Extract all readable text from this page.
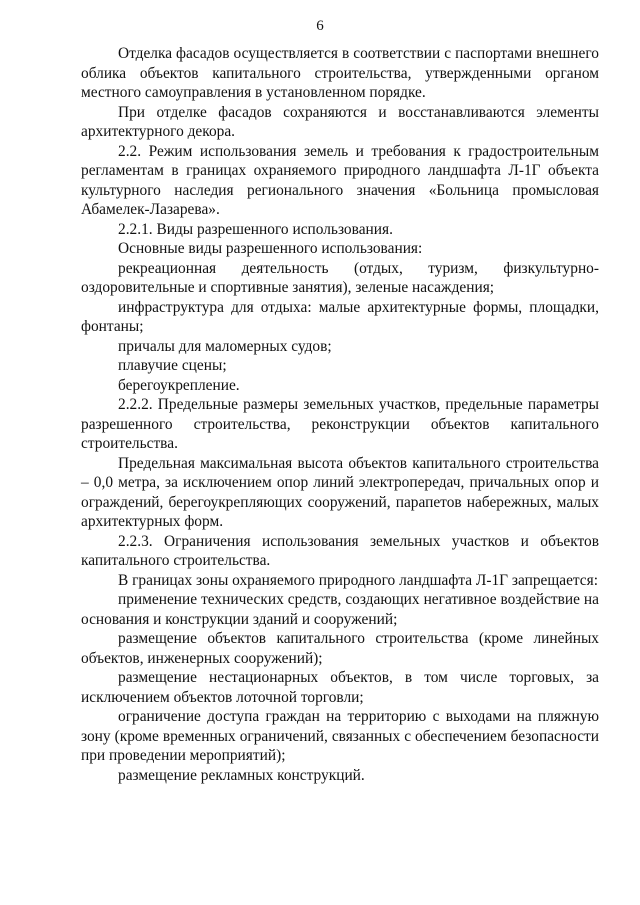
6

Отделка фасадов осуществляется в соответствии с паспортами внешнего облика объектов капитального строительства, утвержденными органом местного самоуправления в установленном порядке.

При отделке фасадов сохраняются и восстанавливаются элементы архитектурного декора.

2.2. Режим использования земель и требования к градостроительным регламентам в границах охраняемого природного ландшафта Л-1Г объекта культурного наследия регионального значения «Больница промысловая Абамелек-Лазарева».

2.2.1. Виды разрешенного использования.

Основные виды разрешенного использования:

рекреационная деятельность (отдых, туризм, физкультурно-оздоровительные и спортивные занятия), зеленые насаждения;

инфраструктура для отдыха: малые архитектурные формы, площадки, фонтаны;

причалы для маломерных судов;

плавучие сцены;

берегоукрепление.

2.2.2. Предельные размеры земельных участков, предельные параметры разрешенного строительства, реконструкции объектов капитального строительства.

Предельная максимальная высота объектов капитального строительства – 0,0 метра, за исключением опор линий электропередач, причальных опор и ограждений, берегоукрепляющих сооружений, парапетов набережных, малых архитектурных форм.

2.2.3. Ограничения использования земельных участков и объектов капитального строительства.

В границах зоны охраняемого природного ландшафта Л-1Г запрещается:

применение технических средств, создающих негативное воздействие на основания и конструкции зданий и сооружений;

размещение объектов капитального строительства (кроме линейных объектов, инженерных сооружений);

размещение нестационарных объектов, в том числе торговых, за исключением объектов лоточной торговли;

ограничение доступа граждан на территорию с выходами на пляжную зону (кроме временных ограничений, связанных с обеспечением безопасности при проведении мероприятий);

размещение рекламных конструкций.
